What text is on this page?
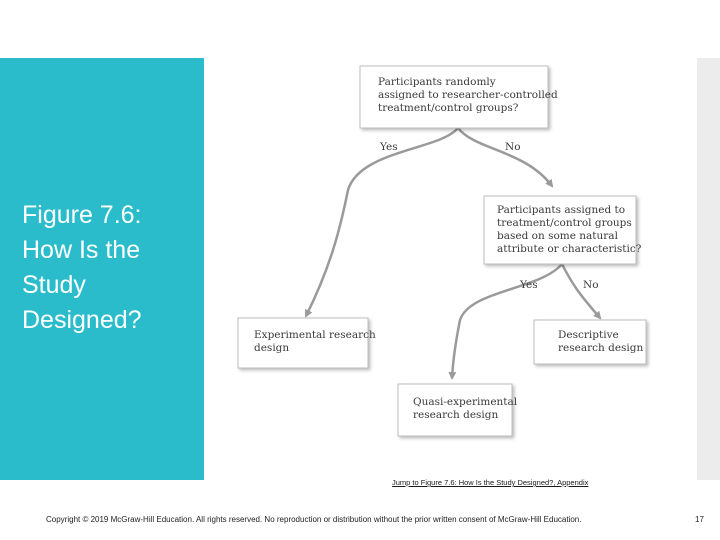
Figure 7.6:
How Is the
Study Designed?
Participants randomly
assigned to researcher-controlled
treatment/control groups?
Yes	No
Participants assigned to
treatment/control groups
based on some natural
attribute or characteristic?
Yes	No
Experimental research
design
Descriptive
research design
Quasi-experimental
research design
Jump to Figure 7.6: How Is the Study Designed?, Appendix
Copyright © 2019 McGraw-Hill Education. All rights reserved. No reproduction or distribution without the prior written consent of McGraw-Hill Education.	17
